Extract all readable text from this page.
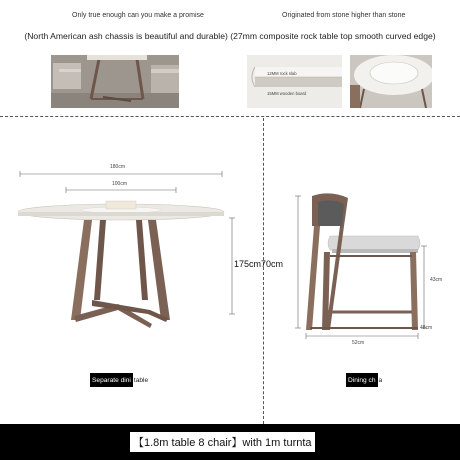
Only true enough can you make a promise	Originated from stone higher than stone
(North American ash chassis is beautiful and durable) (27mm composite rock table top smooth curved edge)
12MM rock slab
15MM wooden board
180cm
100cm
175cm70cm
43cm
52cm
48cm
Separate dini table	Dining ch a
【1.8m table 8 chair】with 1m turnta
